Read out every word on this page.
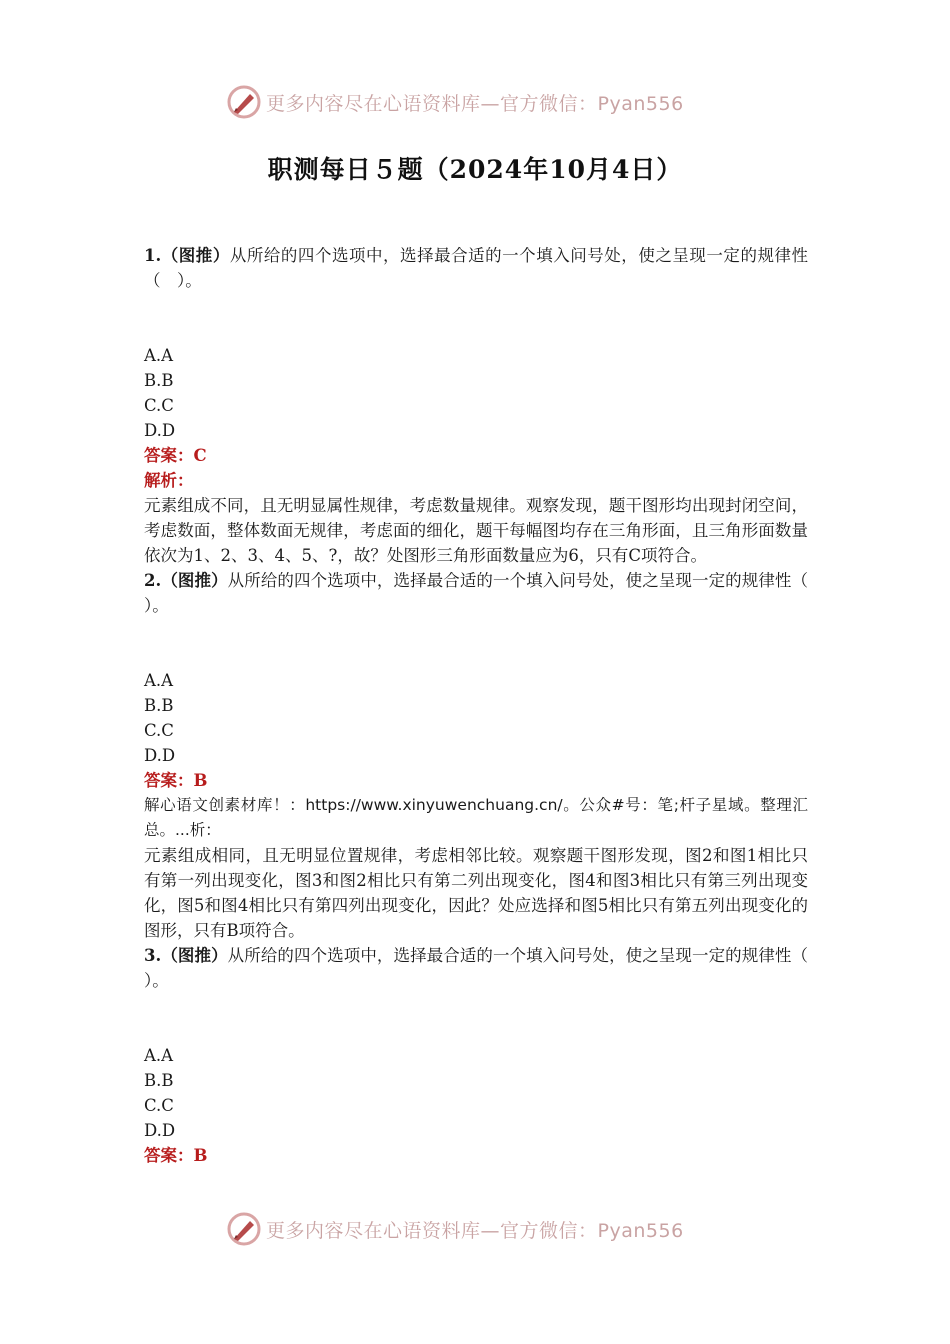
更多内容尽在心语资料库—官方微信：Pyan556
职测每日５题（2024年10月4日）

1.（图推）从所给的四个选项中，选择最合适的一个填入问号处，使之呈现一定的规律性（　）。

A.A

B.B

C.C

D.D

答案：C

解析：

元素组成不同，且无明显属性规律，考虑数量规律。观察发现，题干图形均出现封闭空间，考虑数面，整体数面无规律，考虑面的细化，题干每幅图均存在三角形面，且三角形面数量依次为1、2、3、4、5、?，故？处图形三角形面数量应为6，只有C项符合。

2.（图推）从所给的四个选项中，选择最合适的一个填入问号处，使之呈现一定的规律性（ ）。

A.A

B.B

C.C

D.D

答案：B

解心语文创素材库！：https://www.xinyuwenchuang.cn/。公众#号：笔;杆子星域。整理汇总。...析：

元素组成相同，且无明显位置规律，考虑相邻比较。观察题干图形发现，图2和图1相比只有第一列出现变化，图3和图2相比只有第二列出现变化，图4和图3相比只有第三列出现变化，图5和图4相比只有第四列出现变化，因此？处应选择和图5相比只有第五列出现变化的图形，只有B项符合。

3.（图推）从所给的四个选项中，选择最合适的一个填入问号处，使之呈现一定的规律性（ ）。

A.A

B.B

C.C

D.D

答案：B

更多内容尽在心语资料库—官方微信：Pyan556
